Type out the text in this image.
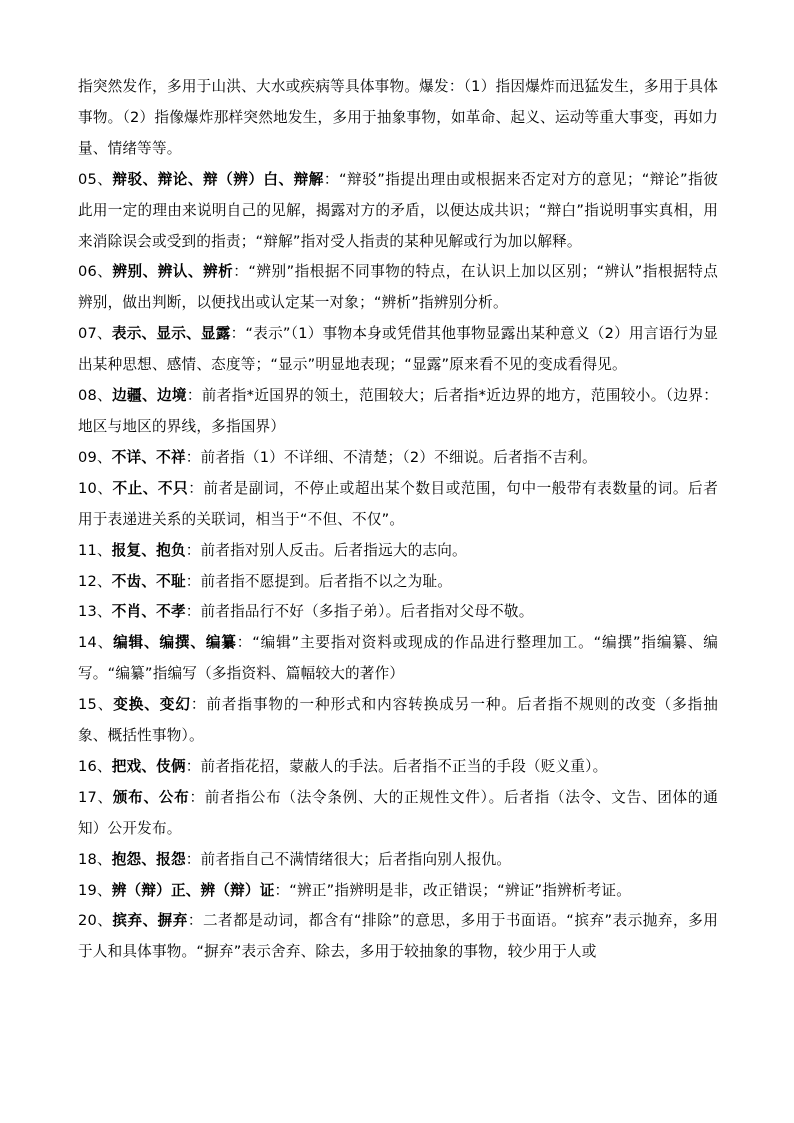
指突然发作，多用于山洪、大水或疾病等具体事物。爆发：（1）指因爆炸而迅猛发生，多用于具体事物。（2）指像爆炸那样突然地发生，多用于抽象事物，如革命、起义、运动等重大事变，再如力量、情绪等等。

05、辩驳、辩论、辩（辨）白、辩解：“辩驳”指提出理由或根据来否定对方的意见；“辩论”指彼此用一定的理由来说明自己的见解，揭露对方的矛盾，以便达成共识；“辩白”指说明事实真相，用来消除误会或受到的指责；“辩解”指对受人指责的某种见解或行为加以解释。

06、辨别、辨认、辨析：“辨别”指根据不同事物的特点，在认识上加以区别；“辨认”指根据特点辨别，做出判断，以便找出或认定某一对象；“辨析”指辨别分析。

07、表示、显示、显露：“表示”（1）事物本身或凭借其他事物显露出某种意义（2）用言语行为显出某种思想、感情、态度等；“显示”明显地表现；“显露”原来看不见的变成看得见。

08、边疆、边境：前者指*近国界的领土，范围较大；后者指*近边界的地方，范围较小。（边界：地区与地区的界线，多指国界）

09、不详、不祥：前者指（1）不详细、不清楚；（2）不细说。后者指不吉利。

10、不止、不只：前者是副词，不停止或超出某个数目或范围，句中一般带有表数量的词。后者用于表递进关系的关联词，相当于“不但、不仅”。

11、报复、抱负：前者指对别人反击。后者指远大的志向。

12、不齿、不耻：前者指不愿提到。后者指不以之为耻。

13、不肖、不孝：前者指品行不好（多指子弟）。后者指对父母不敬。

14、编辑、编撰、编纂：“编辑”主要指对资料或现成的作品进行整理加工。“编撰”指编纂、编写。“编纂”指编写（多指资料、篇幅较大的著作）

15、变换、变幻：前者指事物的一种形式和内容转换成另一种。后者指不规则的改变（多指抽象、概括性事物）。

16、把戏、伎俩：前者指花招，蒙蔽人的手法。后者指不正当的手段（贬义重）。

17、颁布、公布：前者指公布（法令条例、大的正规性文件）。后者指（法令、文告、团体的通知）公开发布。

18、抱怨、报怨：前者指自己不满情绪很大；后者指向别人报仇。

19、辨（辩）正、辨（辩）证：“辨正”指辨明是非，改正错误；“辨证”指辨析考证。

20、摈弃、摒弃：二者都是动词，都含有“排除”的意思，多用于书面语。“摈弃”表示抛弃，多用于人和具体事物。“摒弃”表示舍弃、除去，多用于较抽象的事物，较少用于人或
